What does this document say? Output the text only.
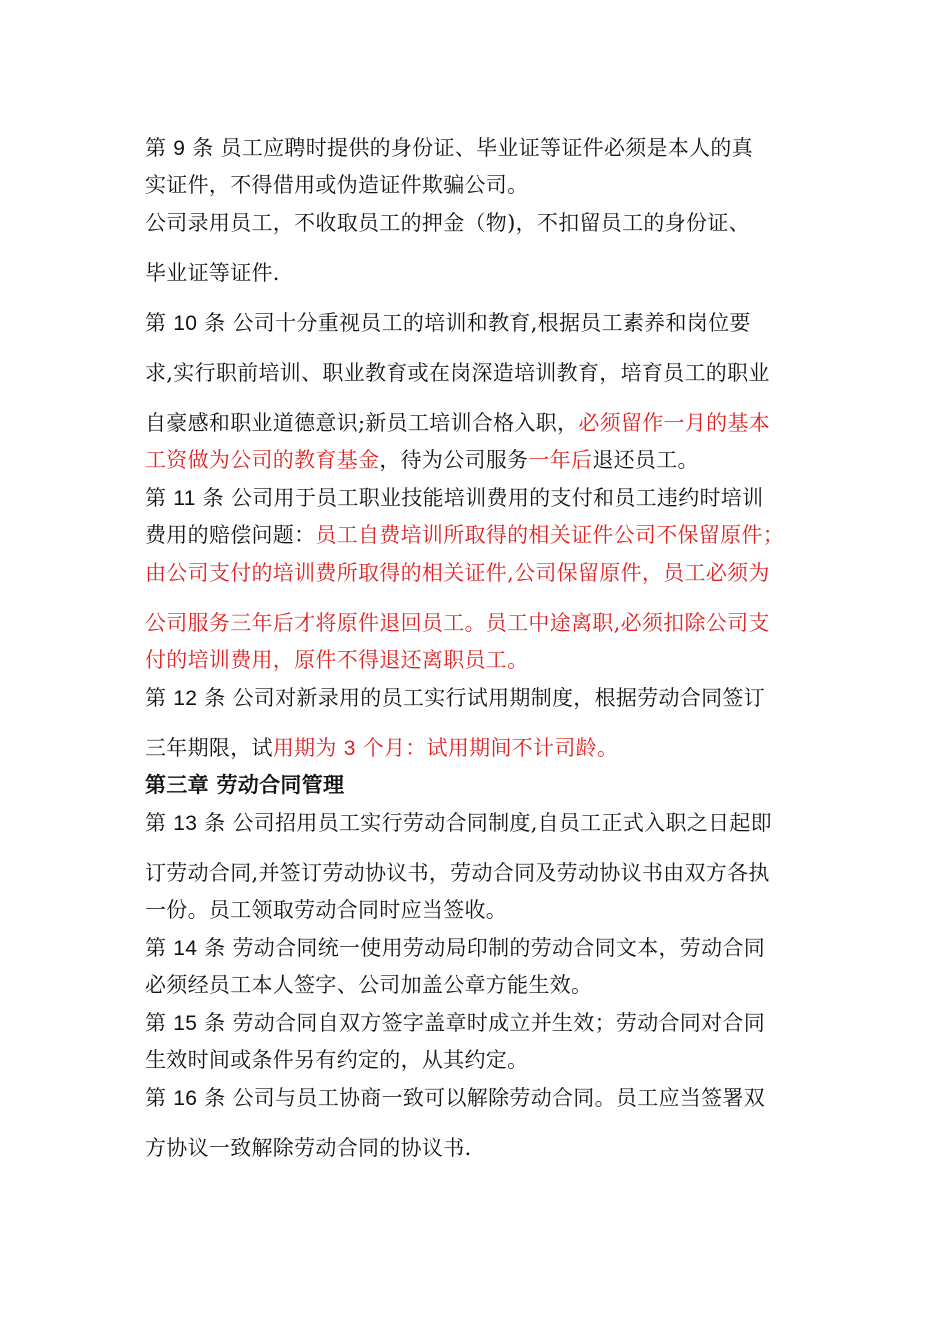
第 9 条 员工应聘时提供的身份证、毕业证等证件必须是本人的真
实证件，不得借用或伪造证件欺骗公司。
公司录用员工，不收取员工的押金（物)，不扣留员工的身份证、
毕业证等证件.
第 10 条 公司十分重视员工的培训和教育,根据员工素养和岗位要
求,实行职前培训、职业教育或在岗深造培训教育，培育员工的职业
自豪感和职业道德意识;新员工培训合格入职，必须留作一月的基本
工资做为公司的教育基金，待为公司服务一年后退还员工。
第 11 条 公司用于员工职业技能培训费用的支付和员工违约时培训
费用的赔偿问题：员工自费培训所取得的相关证件公司不保留原件；
由公司支付的培训费所取得的相关证件,公司保留原件，员工必须为
公司服务三年后才将原件退回员工。员工中途离职,必须扣除公司支
付的培训费用，原件不得退还离职员工。
第 12 条 公司对新录用的员工实行试用期制度，根据劳动合同签订
三年期限，试用期为 3 个月：试用期间不计司龄。
第三章 劳动合同管理
第 13 条 公司招用员工实行劳动合同制度,自员工正式入职之日起即
订劳动合同,并签订劳动协议书，劳动合同及劳动协议书由双方各执
一份。员工领取劳动合同时应当签收。
第 14 条 劳动合同统一使用劳动局印制的劳动合同文本，劳动合同
必须经员工本人签字、公司加盖公章方能生效。
第 15 条 劳动合同自双方签字盖章时成立并生效；劳动合同对合同
生效时间或条件另有约定的，从其约定。
第 16 条 公司与员工协商一致可以解除劳动合同。员工应当签署双
方协议一致解除劳动合同的协议书.
